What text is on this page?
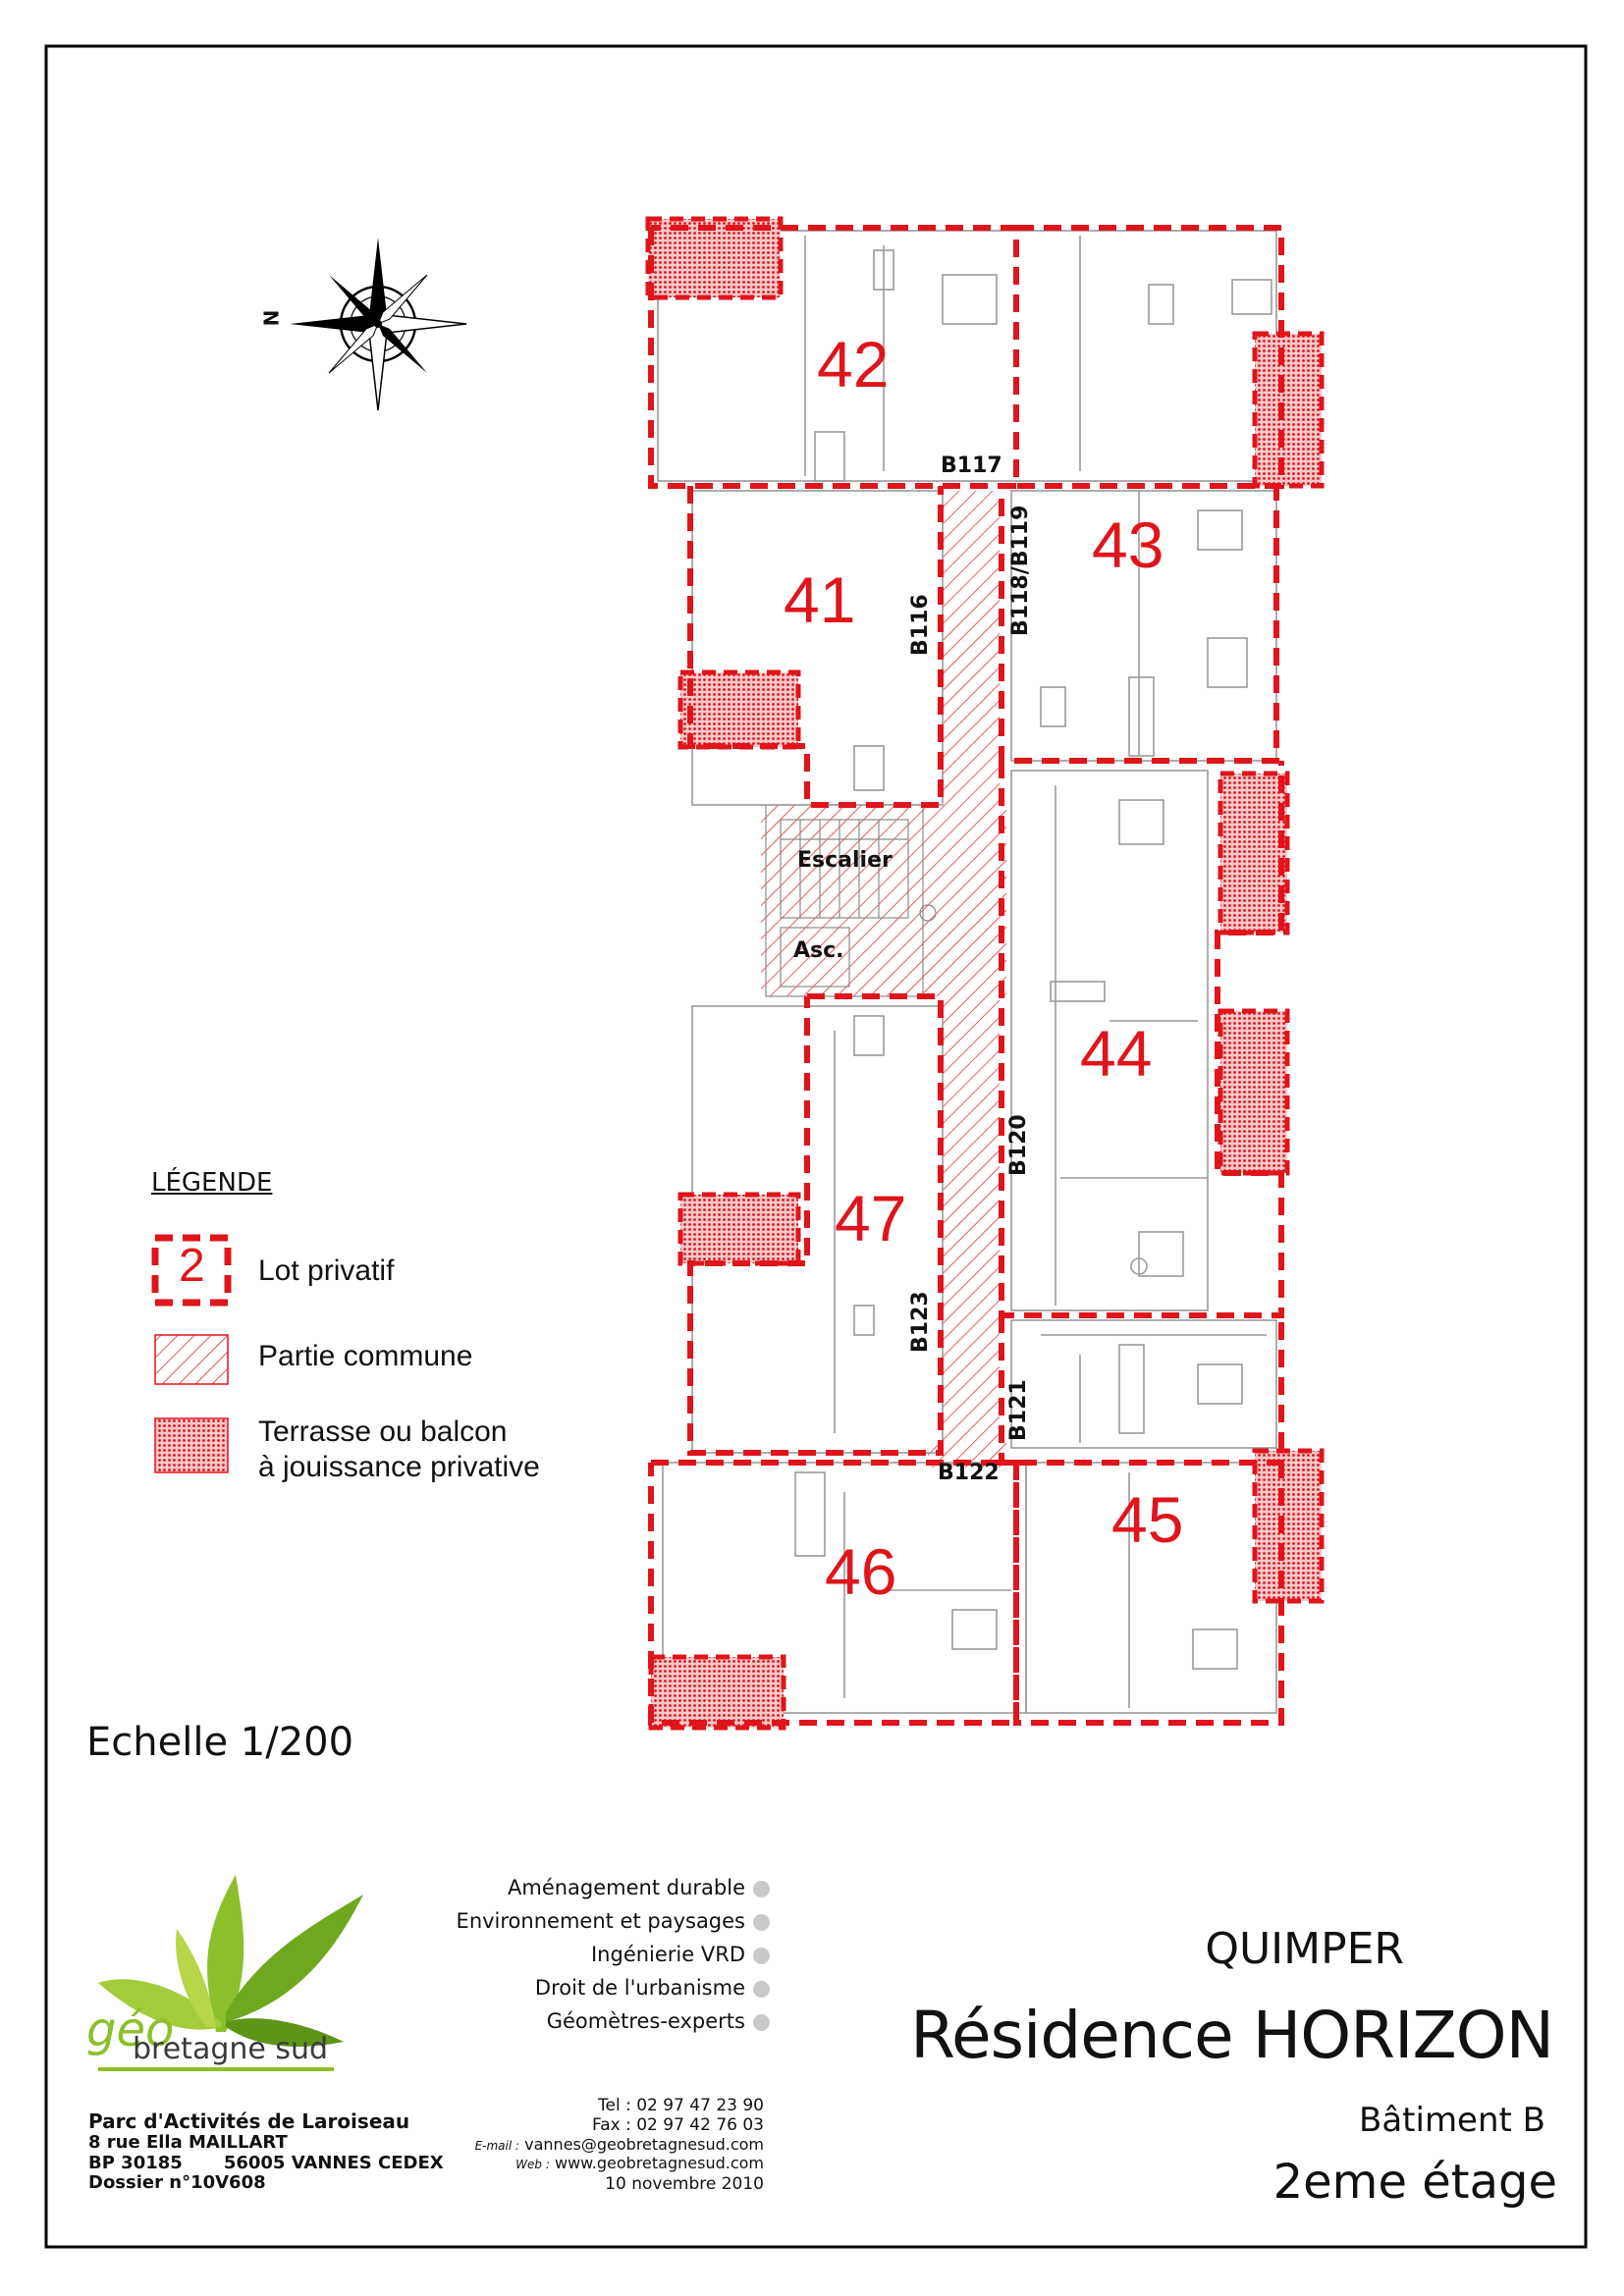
N
42
43
41
44
47
45
46
B117
B118/B119
B116
B120
B123
B121
B122
Escalier
Asc.
LÉGENDE
2 Lot privatif
Partie commune
Terrasse ou balcon
à jouissance privative
Echelle 1/200
géo
bretagne sud
Aménagement durable
Environnement et paysages
Ingénierie VRD
Droit de l'urbanisme
Géomètres-experts
Parc d'Activités de Laroiseau
8 rue Ella MAILLART
BP 30185 56005 VANNES CEDEX
Dossier n°10V608
Tel : 02 97 47 23 90
Fax : 02 97 42 76 03
E-mail : vannes@geobretagnesud.com
Web : www.geobretagnesud.com
10 novembre 2010
QUIMPER
Résidence HORIZON
Bâtiment B
2eme étage
